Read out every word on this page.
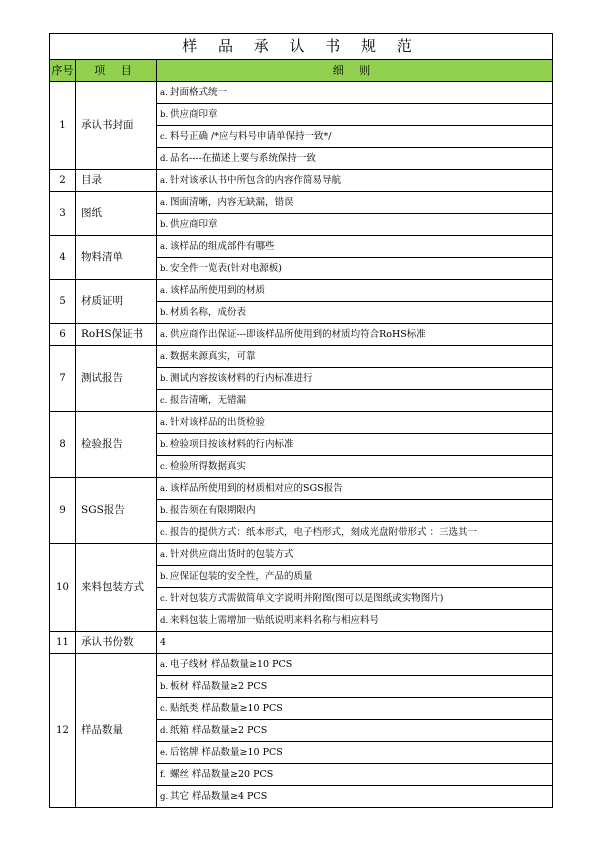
样 品 承 认 书 规 范		
序号	项 目	细 则
1	承认书封面	a. 封面格式统一
		b. 供应商印章
		c. 料号正确 /*应与料号申请单保持一致*/
		d. 品名----在描述上要与系统保持一致
2	目录	a. 针对该承认书中所包含的内容作简易导航
3	图纸	a. 图面清晰，内容无缺漏，错误
		b. 供应商印章
4	物料清单	a. 该样品的组成部件有哪些
		b. 安全件一览表(针对电源板)
5	材质证明	a. 该样品所使用到的材质
		b. 材质名称，成份表
6	RoHS保证书	a. 供应商作出保证---即该样品所使用到的材质均符合RoHS标准
7	测试报告	a. 数据来源真实，可靠
		b. 测试内容按该材料的行内标准进行
		c. 报告清晰，无错漏
8	检验报告	a. 针对该样品的出货检验
		b. 检验项目按该材料的行内标准
		c. 检验所得数据真实
9	SGS报告	a. 该样品所使用到的材质相对应的SGS报告
		b. 报告须在有限期限内
		c. 报告的提供方式：纸本形式，电子档形式，刻成光盘附带形式 ：三选其一
10	来料包装方式	a. 针对供应商出货时的包装方式
		b. 应保证包装的安全性，产品的质量
		c. 针对包装方式需做简单文字说明并附图(图可以是图纸或实物图片)
		d. 来料包装上需增加一贴纸说明来料名称与相应料号
11	承认书份数	4
12	样品数量	a. 电子线材 样品数量≥10 PCS
		b. 板材 样品数量≥2 PCS
		c. 贴纸类 样品数量≥10 PCS
		d. 纸箱 样品数量≥2 PCS
		e. 后铭牌 样品数量≥10 PCS
		f. 螺丝 样品数量≥20 PCS
		g. 其它 样品数量≥4 PCS
